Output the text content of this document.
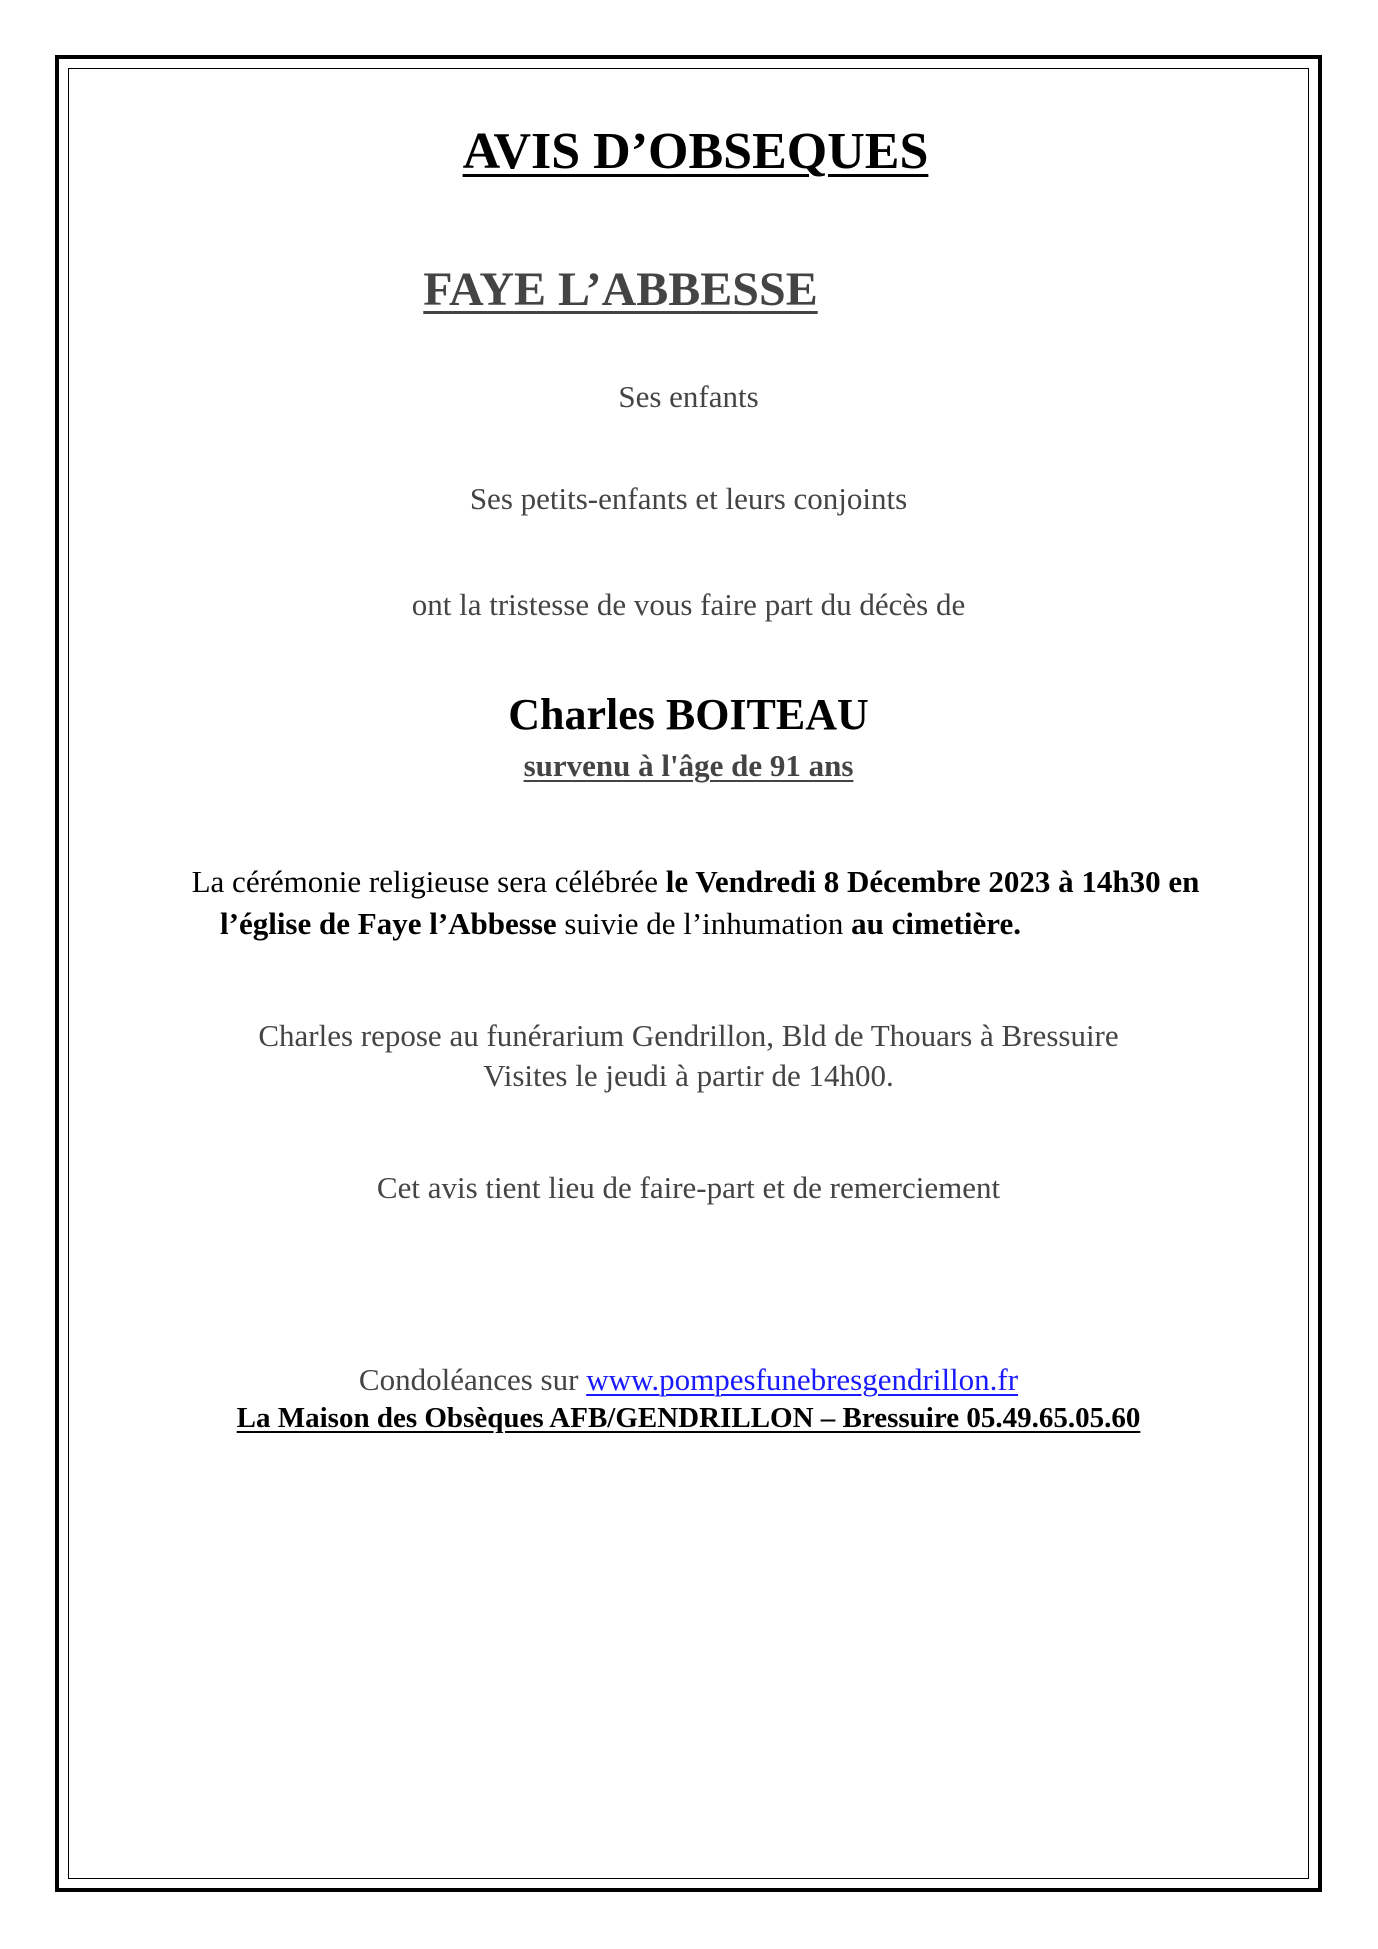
AVIS D’OBSEQUES
FAYE L’ABBESSE
Ses enfants
Ses petits-enfants et leurs conjoints
ont la tristesse de vous faire part du décès de
Charles BOITEAU
survenu à l'âge de 91 ans
La cérémonie religieuse sera célébrée le Vendredi 8 Décembre 2023 à 14h30 en
l’église de Faye l’Abbesse suivie de l’inhumation au cimetière.
Charles repose au funérarium Gendrillon, Bld de Thouars à Bressuire
Visites le jeudi à partir de 14h00.
Cet avis tient lieu de faire-part et de remerciement
Condoléances sur www.pompesfunebresgendrillon.fr
La Maison des Obsèques AFB/GENDRILLON – Bressuire 05.49.65.05.60
